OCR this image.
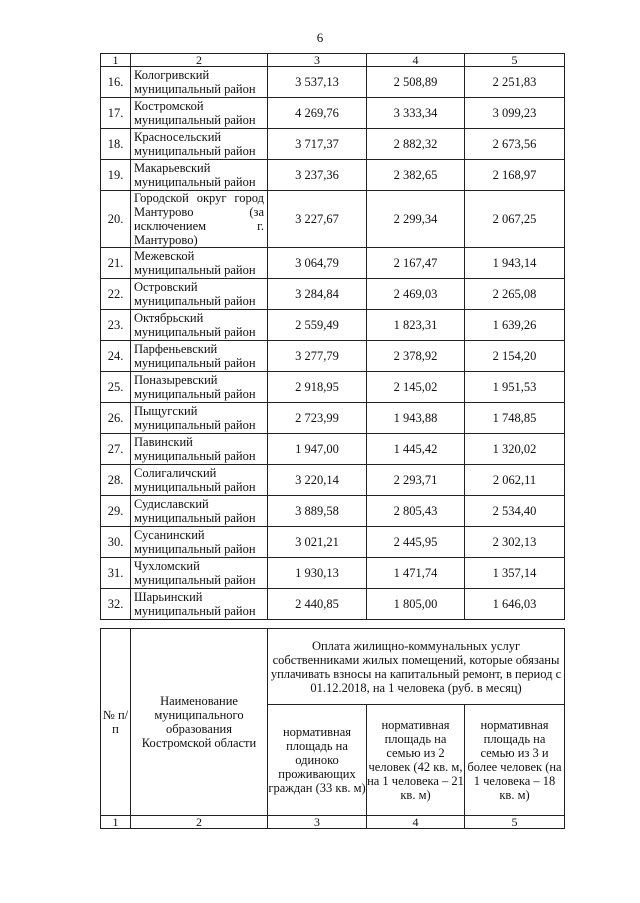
6
1	2	3	4	5
16.	Кологривский муниципальный район	3 537,13	2 508,89	2 251,83
17.	Костромской муниципальный район	4 269,76	3 333,34	3 099,23
18.	Красносельский муниципальный район	3 717,37	2 882,32	2 673,56
19.	Макарьевский муниципальный район	3 237,36	2 382,65	2 168,97
20.	Городской округ город Мантурово (за исключением г. Мантурово)	3 227,67	2 299,34	2 067,25
21.	Межевской муниципальный район	3 064,79	2 167,47	1 943,14
22.	Островский муниципальный район	3 284,84	2 469,03	2 265,08
23.	Октябрьский муниципальный район	2 559,49	1 823,31	1 639,26
24.	Парфеньевский муниципальный район	3 277,79	2 378,92	2 154,20
25.	Поназыревский муниципальный район	2 918,95	2 145,02	1 951,53
26.	Пыщугский муниципальный район	2 723,99	1 943,88	1 748,85
27.	Павинский муниципальный район	1 947,00	1 445,42	1 320,02
28.	Солигаличский муниципальный район	3 220,14	2 293,71	2 062,11
29.	Судиславский муниципальный район	3 889,58	2 805,43	2 534,40
30.	Сусанинский муниципальный район	3 021,21	2 445,95	2 302,13
31.	Чухломский муниципальный район	1 930,13	1 471,74	1 357,14
32.	Шарьинский муниципальный район	2 440,85	1 805,00	1 646,03
№ п/п	Наименование муниципального образования Костромской области	Оплата жилищно-коммунальных услуг собственниками жилых помещений, которые обязаны уплачивать взносы на капитальный ремонт, в период с 01.12.2018, на 1 человека (руб. в месяц)		
		нормативная площадь на одиноко проживающих граждан (33 кв. м)	нормативная площадь на семью из 2 человек (42 кв. м, на 1 человека – 21 кв. м)	нормативная площадь на семью из 3 и более человек (на 1 человека – 18 кв. м)
1	2	3	4	5
